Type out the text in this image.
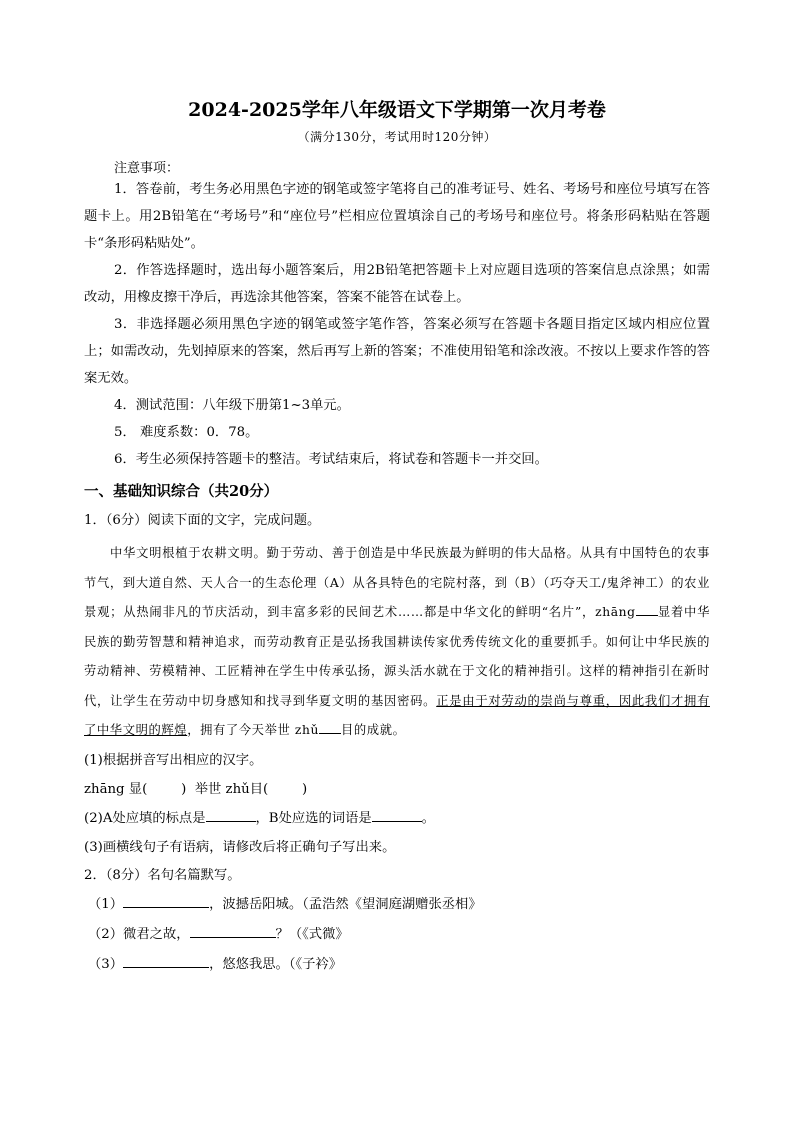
2024-2025学年八年级语文下学期第一次月考卷
（满分130分，考试用时120分钟）
注意事项：

1．答卷前，考生务必用黑色字迹的钢笔或签字笔将自己的准考证号、姓名、考场号和座位号填写在答题卡上。用2B铅笔在“考场号”和“座位号”栏相应位置填涂自己的考场号和座位号。将条形码粘贴在答题卡“条形码粘贴处”。

2．作答选择题时，选出每小题答案后，用2B铅笔把答题卡上对应题目选项的答案信息点涂黑；如需改动，用橡皮擦干净后，再选涂其他答案，答案不能答在试卷上。

3．非选择题必须用黑色字迹的钢笔或签字笔作答，答案必须写在答题卡各题目指定区域内相应位置上；如需改动，先划掉原来的答案，然后再写上新的答案；不准使用铅笔和涂改液。不按以上要求作答的答案无效。

4．测试范围：八年级下册第1~3单元。

5． 难度系数：0．78。

6．考生必须保持答题卡的整洁。考试结束后，将试卷和答题卡一并交回。

一、基础知识综合（共20分）

1．（6分）阅读下面的文字，完成问题。

中华文明根植于农耕文明。勤于劳动、善于创造是中华民族最为鲜明的伟大品格。从具有中国特色的农事节气，到大道自然、天人合一的生态伦理（A）从各具特色的宅院村落，到（B）（巧夺天工/鬼斧神工）的农业景观；从热闹非凡的节庆活动，到丰富多彩的民间艺术……都是中华文化的鲜明“名片”，zhāng 显着中华民族的勤劳智慧和精神追求，而劳动教育正是弘扬我国耕读传家优秀传统文化的重要抓手。如何让中华民族的劳动精神、劳模精神、工匠精神在学生中传承弘扬，源头活水就在于文化的精神指引。这样的精神指引在新时代，让学生在劳动中切身感知和找寻到华夏文明的基因密码。正是由于对劳动的崇尚与尊重，因此我们才拥有了中华文明的辉煌，拥有了今天举世 zhǔ 目的成就。

(1)根据拼音写出相应的汉字。

zhāng 显(        )  举世 zhǔ目(        )

(2)A处应填的标点是	，B处应选的词语是	。

(3)画横线句子有语病，请修改后将正确句子写出来。

2．（8分）名句名篇默写。

（1）	，波撼岳阳城。（孟浩然《望洞庭湖赠张丞相》

（2）微君之故，	？（《式微》

（3）	，悠悠我思。（《子衿》
